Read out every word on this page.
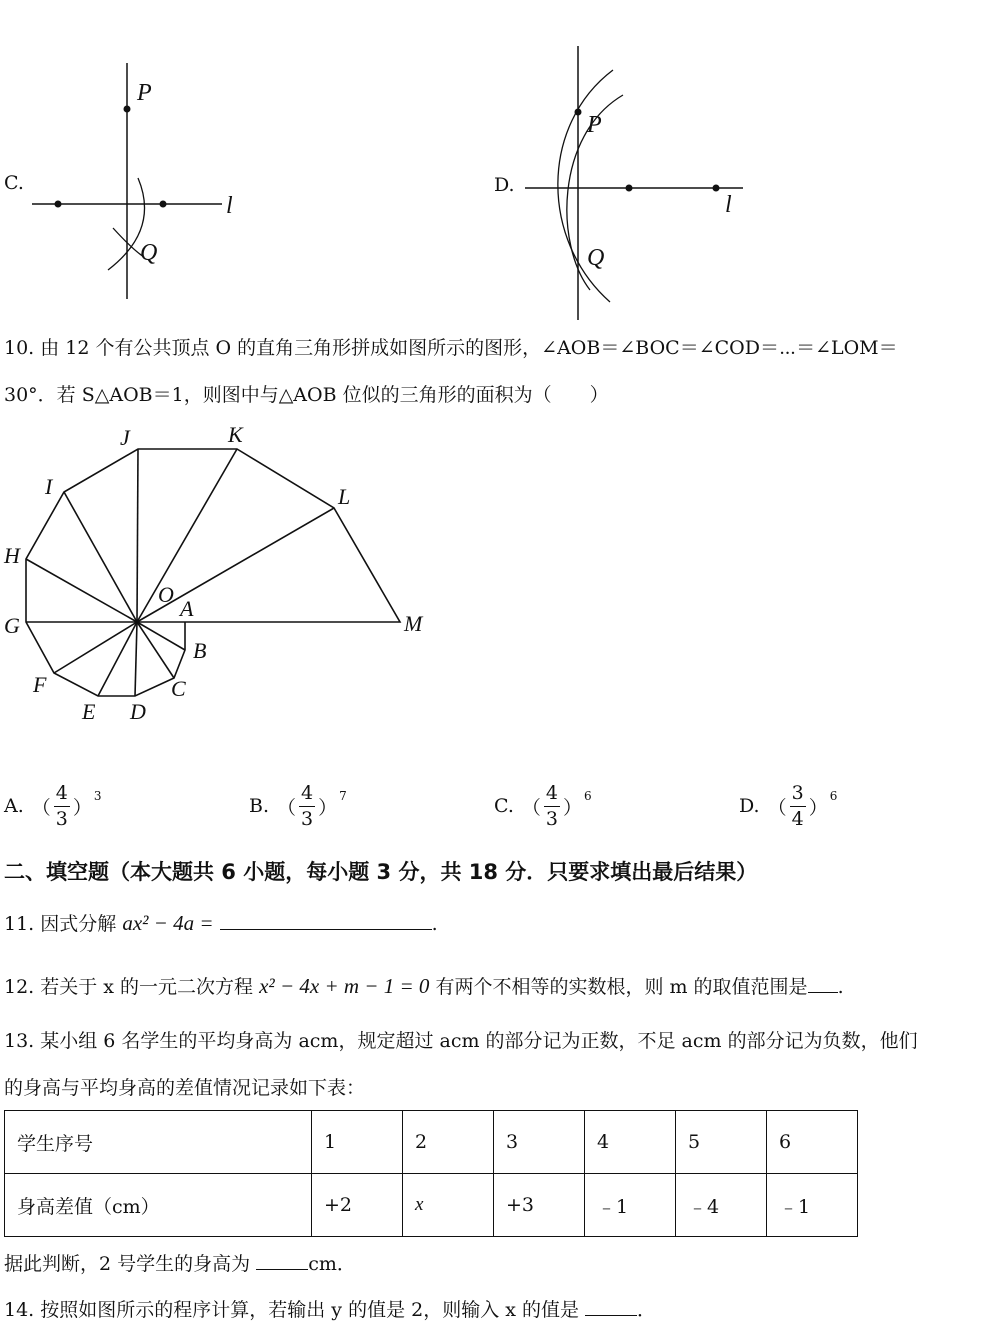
C.
P
l
Q
D.
P
l
Q
10. 由 12 个有公共顶点 O 的直角三角形拼成如图所示的图形，∠AOB＝∠BOC＝∠COD＝⋯＝∠LOM＝
30°．若 S△AOB＝1，则图中与△AOB 位似的三角形的面积为（　　）
J	K
I	L
H
O
A
G	M
B
F	C
E D
A. （ $\frac{4}{3}$ ）
3	B. （ $\frac{4}{3}$ ）
7	C. （ $\frac{4}{3}$ ）
6	D. （ $\frac{3}{4}$ ）
6
二、填空题（本大题共 6 小题，每小题 3 分，共 18 分．只要求填出最后结果）
11. 因式分解 ax² − 4a =	.
12. 若关于 x 的一元二次方程 x² − 4x + m − 1 = 0 有两个不相等的实数根，则 m 的取值范围是 .
13. 某小组 6 名学生的平均身高为 acm，规定超过 acm 的部分记为正数，不足 acm 的部分记为负数，他们
的身高与平均身高的差值情况记录如下表：
学生序号	1	2	3	4	5	6
身高差值（cm）	+2	x	+3	﹣1	﹣4	﹣1
据此判断，2 号学生的身高为	cm．
14. 按照如图所示的程序计算，若输出 y 的值是 2，则输入 x 的值是	．
